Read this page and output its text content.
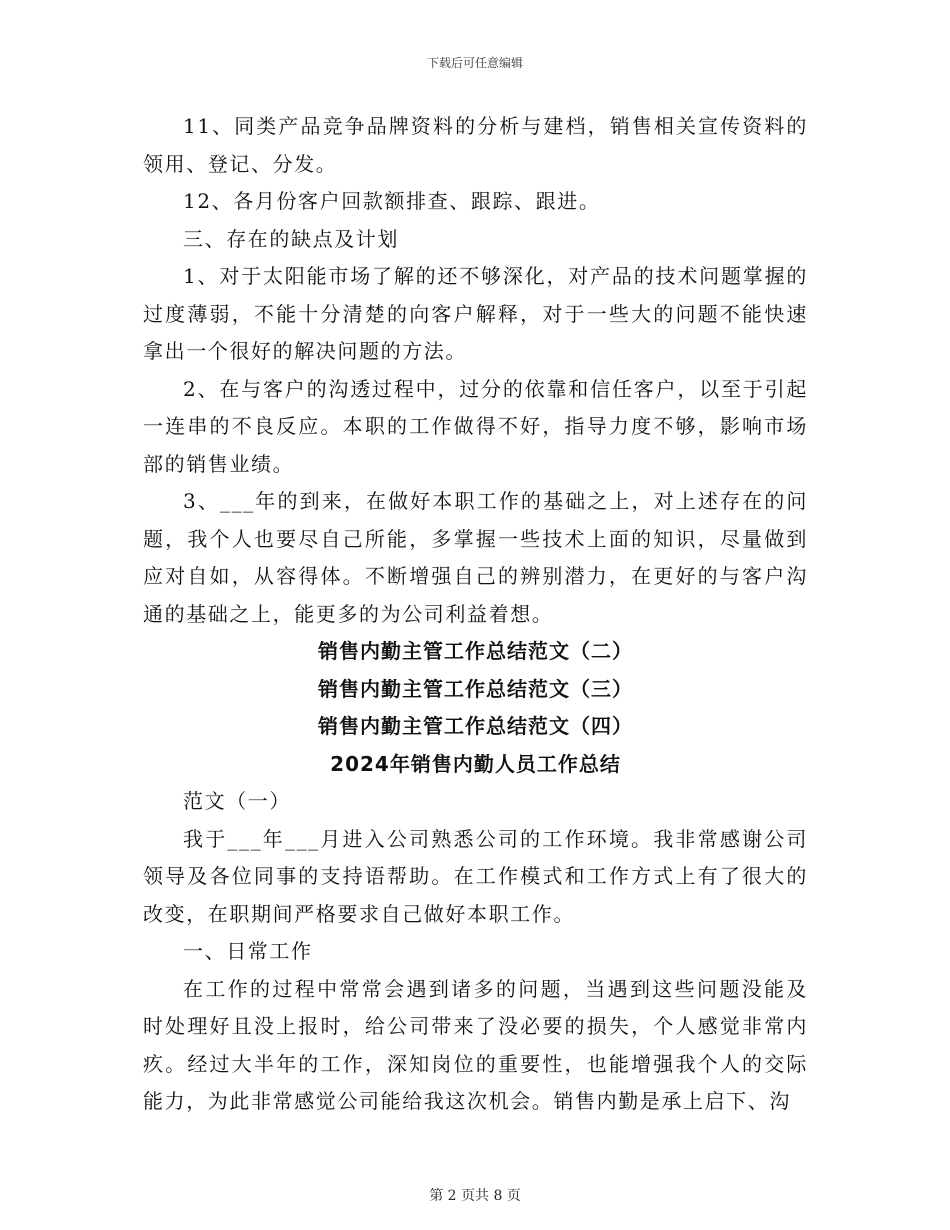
下载后可任意编辑

11、同类产品竞争品牌资料的分析与建档，销售相关宣传资料的领用、登记、分发。

12、各月份客户回款额排查、跟踪、跟进。

三、存在的缺点及计划

1、对于太阳能市场了解的还不够深化，对产品的技术问题掌握的过度薄弱，不能十分清楚的向客户解释，对于一些大的问题不能快速拿出一个很好的解决问题的方法。

2、在与客户的沟透过程中，过分的依靠和信任客户，以至于引起一连串的不良反应。本职的工作做得不好，指导力度不够，影响市场部的销售业绩。

3、___年的到来，在做好本职工作的基础之上，对上述存在的问题，我个人也要尽自己所能，多掌握一些技术上面的知识，尽量做到应对自如，从容得体。不断增强自己的辨别潜力，在更好的与客户沟通的基础之上，能更多的为公司利益着想。

销售内勤主管工作总结范文（二）

销售内勤主管工作总结范文（三）

销售内勤主管工作总结范文（四）

2024年销售内勤人员工作总结

范文（一）

我于___年___月进入公司熟悉公司的工作环境。我非常感谢公司领导及各位同事的支持语帮助。在工作模式和工作方式上有了很大的改变，在职期间严格要求自己做好本职工作。

一、日常工作

在工作的过程中常常会遇到诸多的问题，当遇到这些问题没能及时处理好且没上报时，给公司带来了没必要的损失，个人感觉非常内疚。经过大半年的工作，深知岗位的重要性，也能增强我个人的交际能力，为此非常感觉公司能给我这次机会。销售内勤是承上启下、沟

第 2 页共 8 页
